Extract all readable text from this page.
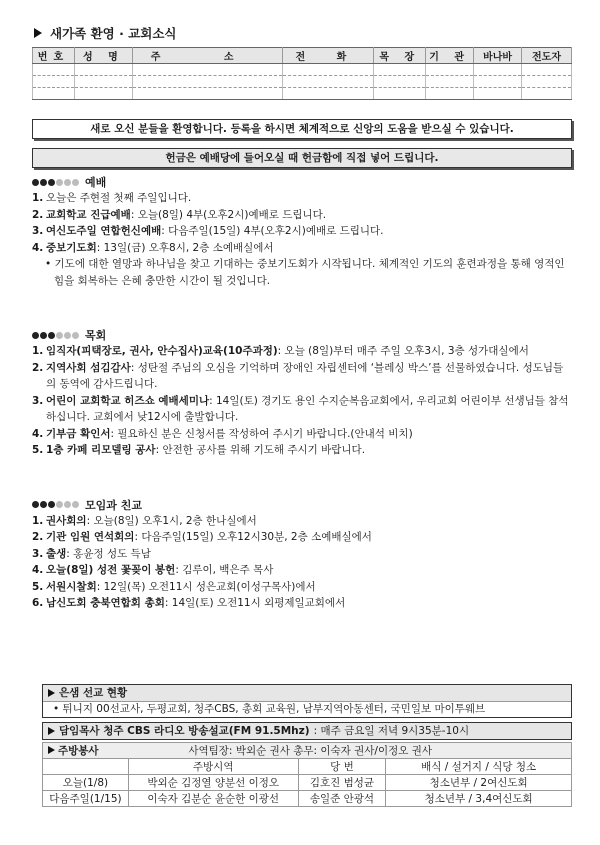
새가족 환영 · 교회소식
번호	성 명	주 소	전 화	목 장	기 관	바나바	전도자

새로 오신 분들을 환영합니다. 등록을 하시면 체계적으로 신앙의 도움을 받으실 수 있습니다.
헌금은 예배당에 들어오실 때 헌금함에 직접 넣어 드립니다.
예배
1. 오늘은 주현절 첫째 주일입니다.
2. 교회학교 진급예배: 오늘(8일) 4부(오후2시)예배로 드립니다.
3. 여신도주일 연합헌신예배: 다음주일(15일) 4부(오후2시)예배로 드립니다.
4. 중보기도회: 13일(금) 오후8시, 2층 소예배실에서
• 기도에 대한 열망과 하나님을 찾고 기대하는 중보기도회가 시작됩니다. 체계적인 기도의 훈련과정을 통해 영적인 힘을 회복하는 은혜 충만한 시간이 될 것입니다.
목회
1. 임직자(피택장로, 권사, 안수집사)교육(10주과정): 오늘 (8일)부터 매주 주일 오후3시, 3층 성가대실에서
2. 지역사회 섬김감사: 성탄절 주님의 오심을 기억하며 장애인 자립센터에 ‘블레싱 박스’를 선물하였습니다. 성도님들의 동역에 감사드립니다.
3. 어린이 교회학교 히즈쇼 예배세미나: 14일(토) 경기도 용인 수지순복음교회에서, 우리교회 어린이부 선생님들 참석하십니다. 교회에서 낮12시에 출발합니다.
4. 기부금 확인서: 필요하신 분은 신청서를 작성하여 주시기 바랍니다.(안내석 비치)
5. 1층 카페 리모델링 공사: 안전한 공사를 위해 기도해 주시기 바랍니다.
모임과 친교
1. 권사회의: 오늘(8일) 오후1시, 2층 한나실에서
2. 기관 임원 연석회의: 다음주일(15일) 오후12시30분, 2층 소예배실에서
3. 출생: 홍윤정 성도 득남
4. 오늘(8일) 성전 꽃꽂이 봉헌: 김루이, 백은주 목사
5. 서원시찰회: 12일(목) 오전11시 성은교회(이성구목사)에서
6. 남신도회 충북연합회 총회: 14일(토) 오전11시 외평제일교회에서
은샘 선교 현황
• 튀니지 00선교사, 두평교회, 청주CBS, 총회 교육원, 남부지역아동센터, 국민일보 마이투웨브
담임목사 청주 CBS 라디오 방송설교(FM 91.5Mhz) : 매주 금요일 저녁 9시35분-10시
주방봉사	사역팀장: 박외순 권사 총무: 이숙자 권사/이정오 권사		
	주방시역	당 번	배식 / 설거지 / 식당 청소
오늘(1/8)	박외순 김정열 양분선 이정오	김호진 범성균	청소년부 / 2여신도회
다음주일(1/15)	이숙자 김분순 윤순한 이광선	송일준 안광석	청소년부 / 3,4여신도회
